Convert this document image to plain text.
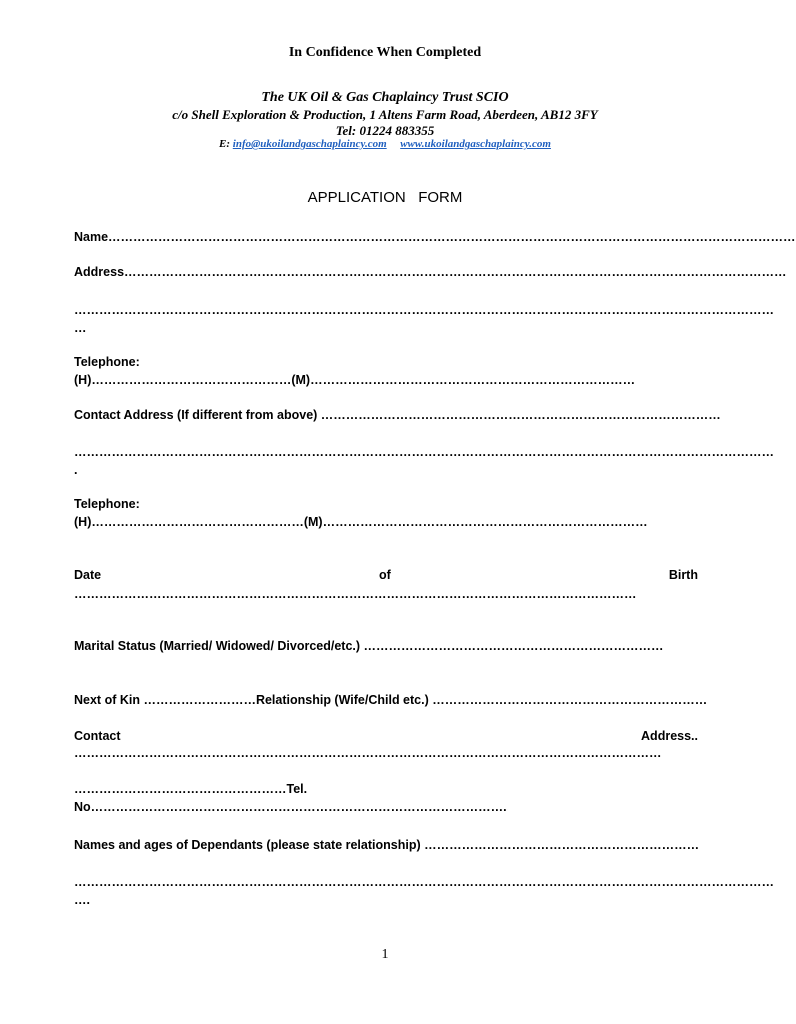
In Confidence When Completed
The UK Oil & Gas Chaplaincy Trust SCIO
c/o Shell Exploration & Production, 1 Altens Farm Road, Aberdeen, AB12 3FY
Tel: 01224 883355
E: info@ukoilandgaschaplaincy.com www.ukoilandgaschaplaincy.com
APPLICATION   FORM
Name…………………………………………………………………………………………………………………………………………………
Address……………………………………………………………………………………………………………………………………………
……………………………………………………………………………………………………………………………………………………
…
Telephone:
(H)…………………………………………(M)……………………………………………………………………
Contact Address (If different from above) ……………………………………………………………………………………
……………………………………………………………………………………………………………………………………………………
.
Telephone:
(H)……………………………………………(M)……………………………………………………………………
Date	of	Birth
………………………………………………………………………………………………………………………
Marital Status (Married/ Widowed/ Divorced/etc.) ………………………………………………………………
Next of Kin ………………………Relationship (Wife/Child etc.) …………………………………………………………
Contact	Address..
……………………………………………………………………………………………………………………………
……………………………………………Tel.
No……………………………………………………………………………………….
Names and ages of Dependants (please state relationship) …………………………………………………………
……………………………………………………………………………………………………………………………………………………
….
1
